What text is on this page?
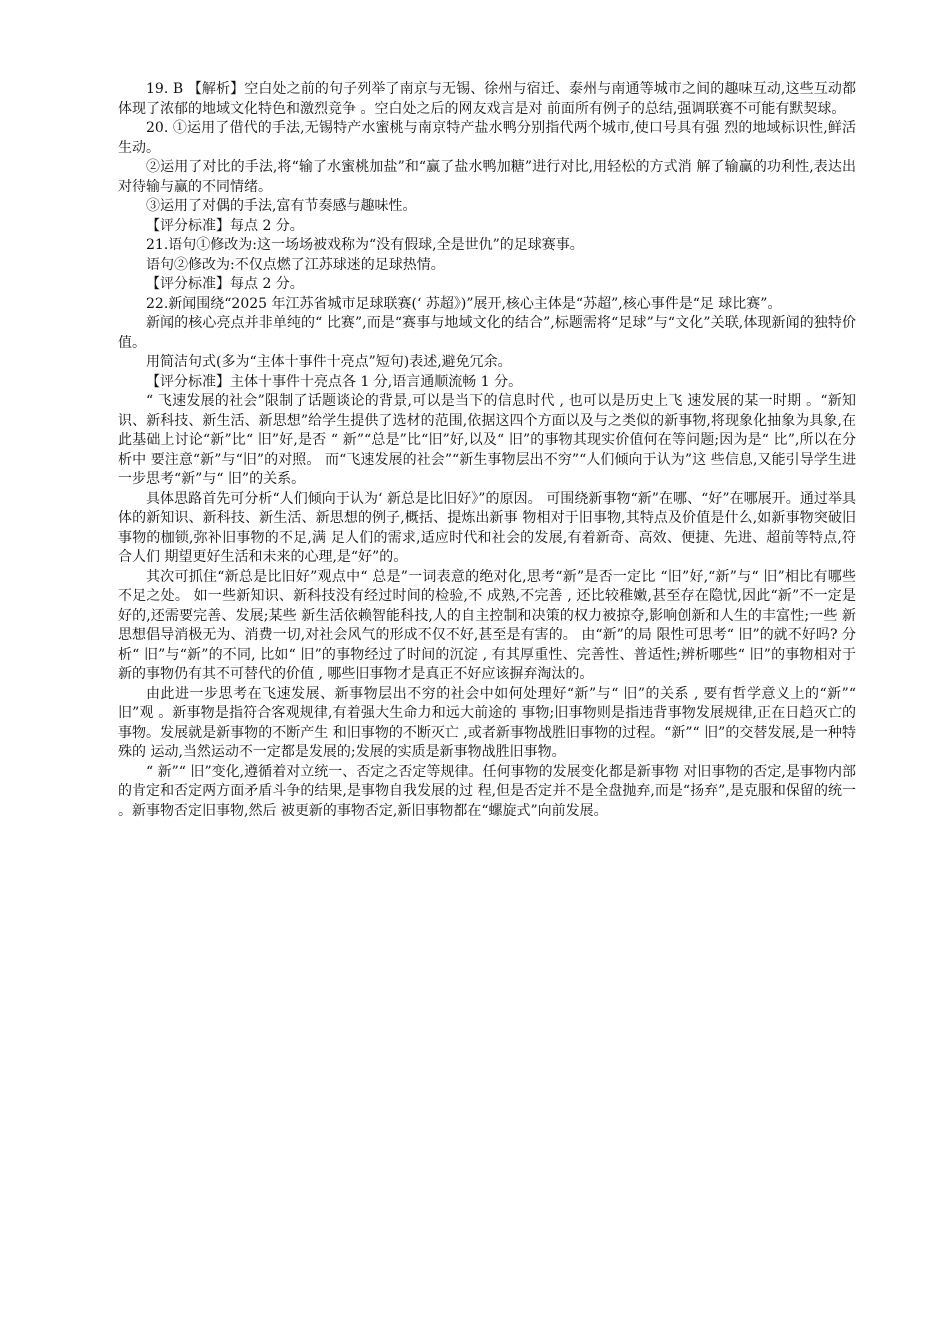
19. B 【解析】空白处之前的句子列举了南京与无锡、徐州与宿迁、泰州与南通等城市之间的趣味互动,这些互动都体现了浓郁的地域文化特色和激烈竞争 。空白处之后的网友戏言是对 前面所有例子的总结,强调联赛不可能有默契球。

20. ①运用了借代的手法,无锡特产水蜜桃与南京特产盐水鸭分别指代两个城市,使口号具有强 烈的地域标识性,鲜活生动。

②运用了对比的手法,将“输了水蜜桃加盐”和“赢了盐水鸭加糖”进行对比,用轻松的方式消 解了输赢的功利性,表达出对待输与赢的不同情绪。

③运用了对偶的手法,富有节奏感与趣味性。

【评分标准】每点 2 分。

21.语句①修改为:这一场场被戏称为“没有假球,全是世仇”的足球赛事。

语句②修改为:不仅点燃了江苏球迷的足球热情。

【评分标准】每点 2 分。

22.新闻围绕“2025 年江苏省城市足球联赛(‘ 苏超》)”展开,核心主体是“苏超”,核心事件是“足 球比赛”。

新闻的核心亮点并非单纯的“ 比赛”,而是“赛事与地域文化的结合”,标题需将“足球”与“文化”关联,体现新闻的独特价值。

用简洁句式(多为“主体十事件十亮点”短句)表述,避免冗余。

【评分标准】主体十事件十亮点各 1 分,语言通顺流畅 1 分。

“ 飞速发展的社会”限制了话题谈论的背景,可以是当下的信息时代 , 也可以是历史上飞 速发展的某一时期 。“新知识、新科技、新生活、新思想”给学生提供了选材的范围,依据这四个方面以及与之类似的新事物,将现象化抽象为具象,在此基础上讨论“新”比“ 旧”好,是否 “ 新”“总是”比“旧”好,以及“ 旧”的事物其现实价值何在等问题;因为是“ 比”,所以在分析中 要注意“新”与“旧”的对照。 而“飞速发展的社会”“新生事物层出不穷”“人们倾向于认为”这 些信息,又能引导学生进一步思考“新”与“ 旧”的关系。

具体思路首先可分析“人们倾向于认为‘ 新总是比旧好》”的原因。 可围绕新事物“新”在哪、“好”在哪展开。通过举具体的新知识、新科技、新生活、新思想的例子,概括、提炼出新事 物相对于旧事物,其特点及价值是什么,如新事物突破旧事物的枷锁,弥补旧事物的不足,满 足人们的需求,适应时代和社会的发展,有着新奇、高效、便捷、先进、超前等特点,符合人们 期望更好生活和未来的心理,是“好”的。

其次可抓住“新总是比旧好”观点中“ 总是”一词表意的绝对化,思考“新”是否一定比 “旧”好,“新”与“ 旧”相比有哪些不足之处。 如一些新知识、新科技没有经过时间的检验,不 成熟,不完善 , 还比较稚嫩,甚至存在隐忧,因此“新”不一定是好的,还需要完善、发展;某些 新生活依赖智能科技,人的自主控制和决策的权力被掠夺,影响创新和人生的丰富性;一些 新思想倡导消极无为、消费一切,对社会风气的形成不仅不好,甚至是有害的。 由“新”的局 限性可思考“ 旧”的就不好吗? 分析“ 旧”与“新”的不同, 比如“ 旧”的事物经过了时间的沉淀 , 有其厚重性、完善性、普适性;辨析哪些“ 旧”的事物相对于新的事物仍有其不可替代的价值 , 哪些旧事物才是真正不好应该摒弃淘汰的。

由此进一步思考在飞速发展、新事物层出不穷的社会中如何处理好“新”与“ 旧”的关系 , 要有哲学意义上的“新”“ 旧”观 。新事物是指符合客观规律,有着强大生命力和远大前途的 事物;旧事物则是指违背事物发展规律,正在日趋灭亡的事物。发展就是新事物的不断产生 和旧事物的不断灭亡 ,或者新事物战胜旧事物的过程。“新”“ 旧”的交替发展,是一种特殊的 运动,当然运动不一定都是发展的;发展的实质是新事物战胜旧事物。

“ 新”“ 旧”变化,遵循着对立统一、否定之否定等规律。任何事物的发展变化都是新事物 对旧事物的否定,是事物内部的肯定和否定两方面矛盾斗争的结果,是事物自我发展的过 程,但是否定并不是全盘抛弃,而是“扬弃”,是克服和保留的统一 。新事物否定旧事物,然后 被更新的事物否定,新旧事物都在“螺旋式”向前发展。
